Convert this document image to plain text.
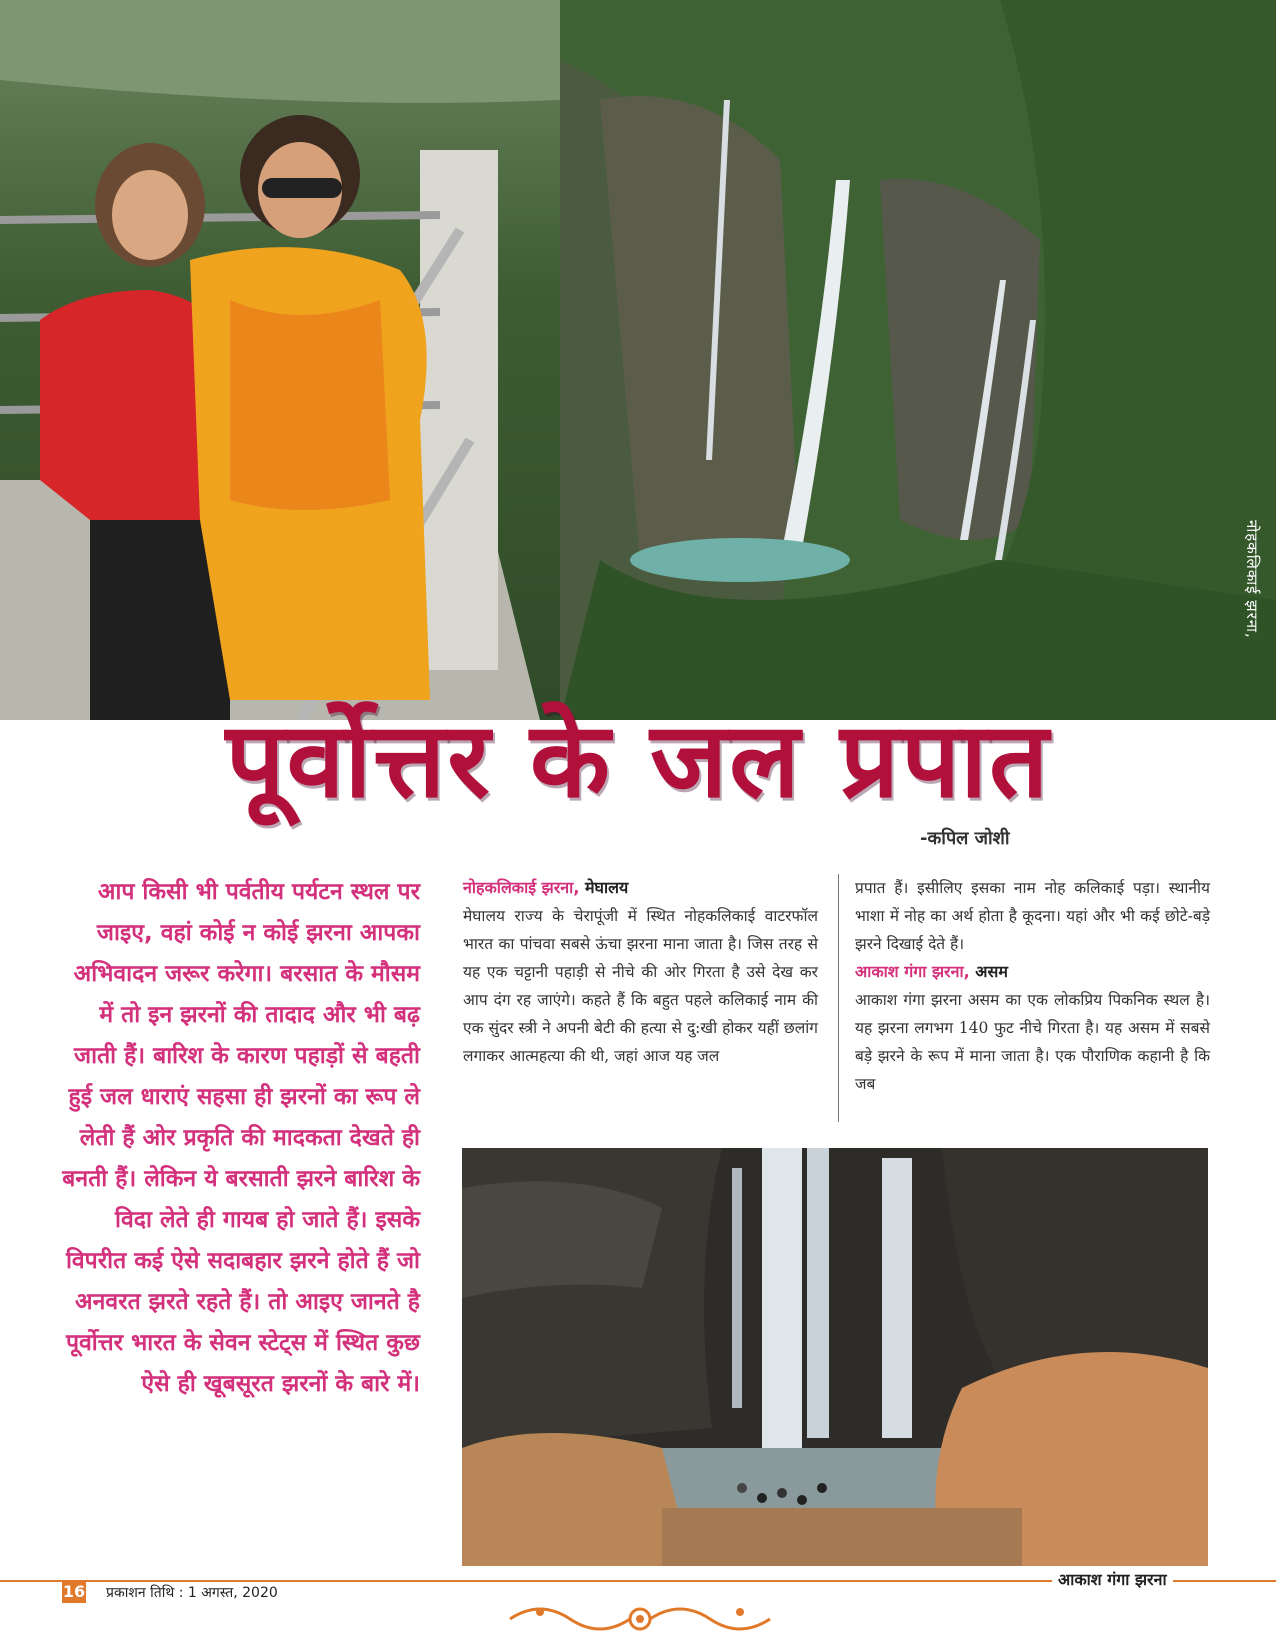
नोहकलिकाई झरना,
पूर्वोत्तर के जल प्रपात
-कपिल जोशी
आप किसी भी पर्वतीय पर्यटन स्थल पर जाइए, वहां कोई न कोई झरना आपका अभिवादन जरूर करेगा। बरसात के मौसम में तो इन झरनों की तादाद और भी बढ़ जाती हैं। बारिश के कारण पहाड़ों से बहती हुई जल धाराएं सहसा ही झरनों का रूप ले लेती हैं ओर प्रकृति की मादकता देखते ही बनती हैं। लेकिन ये बरसाती झरने बारिश के विदा लेते ही गायब हो जाते हैं। इसके विपरीत कई ऐसे सदाबहार झरने होते हैं जो अनवरत झरते रहते हैं। तो आइए जानते है पूर्वोत्तर भारत के सेवन स्टेट्स में स्थित कुछ ऐसे ही खूबसूरत झरनों के बारे में।
नोहकलिकाई झरना, मेघालय
मेघालय राज्य के चेरापूंजी में स्थित नोहकलिकाई वाटरफॉल भारत का पांचवा सबसे ऊंचा झरना माना जाता है। जिस तरह से यह एक चट्टानी पहाड़ी से नीचे की ओर गिरता है उसे देख कर आप दंग रह जाएंगे। कहते हैं कि बहुत पहले कलिकाई नाम की एक सुंदर स्त्री ने अपनी बेटी की हत्या से दु:खी होकर यहीं छलांग लगाकर आत्महत्या की थी, जहां आज यह जल
प्रपात हैं। इसीलिए इसका नाम नोह कलिकाई पड़ा। स्थानीय भाशा में नोह का अर्थ होता है कूदना। यहां और भी कई छोटे-बड़े झरने दिखाई देते हैं।
आकाश गंगा झरना, असम
आकाश गंगा झरना असम का एक लोकप्रिय पिकनिक स्थल है। यह झरना लगभग 140 फुट नीचे गिरता है। यह असम में सबसे बड़े झरने के रूप में माना जाता है। एक पौराणिक कहानी है कि जब
16 प्रकाशन तिथि : 1 अगस्त, 2020
आकाश गंगा झरना
